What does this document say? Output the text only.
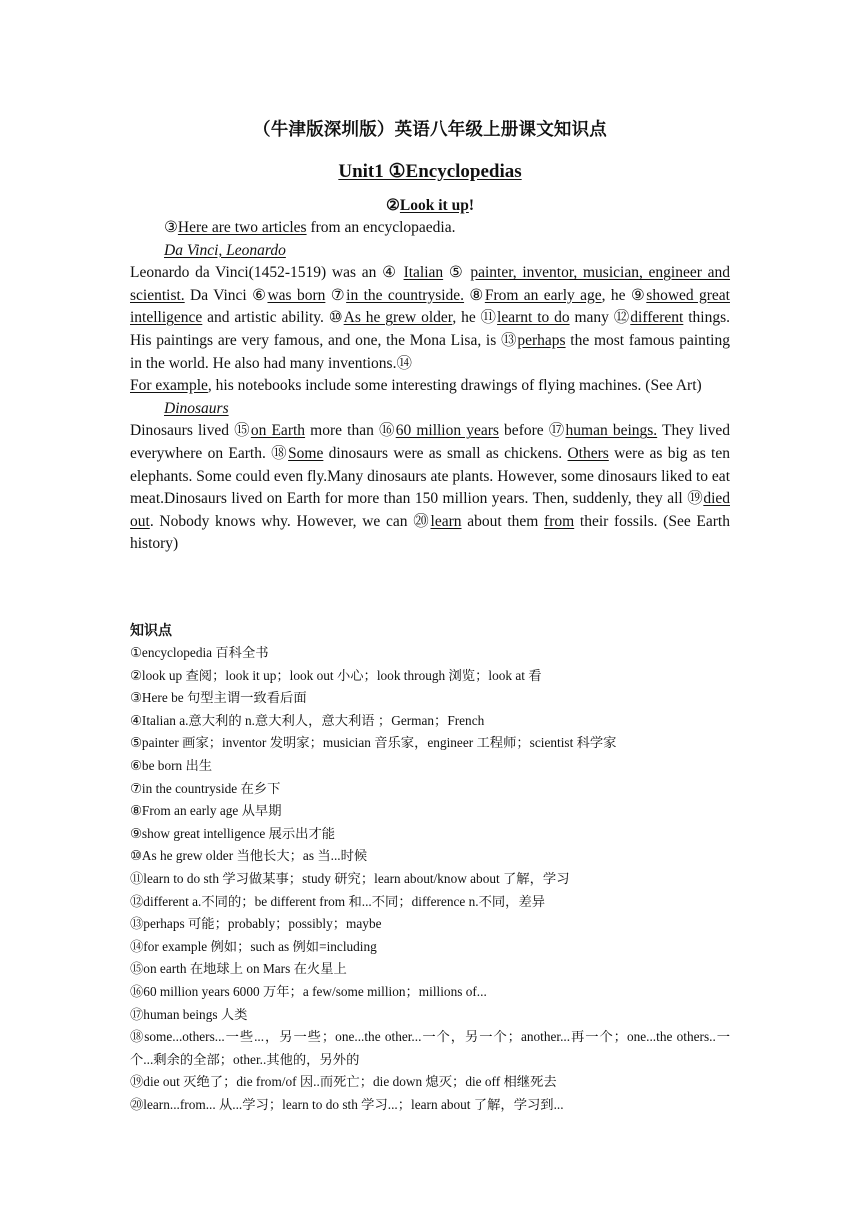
（牛津版深圳版）英语八年级上册课文知识点
Unit1 ①Encyclopedias
②Look it up!

③Here are two articles from an encyclopaedia.

Da Vinci, Leonardo

Leonardo da Vinci(1452-1519) was an ④ Italian ⑤ painter, inventor, musician, engineer and scientist. Da Vinci ⑥was born ⑦in the countryside. ⑧From an early age, he ⑨showed great intelligence and artistic ability. ⑩As he grew older, he ⑪learnt to do many ⑫different things. His paintings are very famous, and one, the Mona Lisa, is ⑬perhaps the most famous painting in the world. He also had many inventions.⑭

For example, his notebooks include some interesting drawings of flying machines. (See Art)

Dinosaurs

Dinosaurs lived ⑮on Earth more than ⑯60 million years before ⑰human beings. They lived everywhere on Earth. ⑱Some dinosaurs were as small as chickens. Others were as big as ten elephants. Some could even fly.Many dinosaurs ate plants. However, some dinosaurs liked to eat meat.Dinosaurs lived on Earth for more than 150 million years. Then, suddenly, they all ⑲died out. Nobody knows why. However, we can ⑳learn about them from their fossils. (See Earth history)

知识点

①encyclopedia 百科全书

②look up 查阅；look it up；look out 小心；look through 浏览；look at 看

③Here be 句型主谓一致看后面

④Italian a.意大利的 n.意大利人，意大利语 ；German；French

⑤painter 画家；inventor 发明家；musician 音乐家，engineer 工程师；scientist 科学家

⑥be born 出生

⑦in the countryside 在乡下

⑧From an early age 从早期

⑨show great intelligence 展示出才能

⑩As he grew older 当他长大；as 当...时候

⑪learn to do sth 学习做某事；study 研究；learn about/know about 了解，学习

⑫different a.不同的；be different from 和...不同；difference n.不同，差异

⑬perhaps 可能；probably；possibly；maybe

⑭for example 例如；such as 例如=including

⑮on earth 在地球上 on Mars 在火星上

⑯60 million years 6000 万年；a few/some million；millions of...

⑰human beings 人类

⑱some...others...一些...，另一些；one...the other...一个，另一个；another...再一个；one...the others..一个...剩余的全部；other..其他的，另外的

⑲die out 灭绝了；die from/of 因..而死亡；die down 熄灭；die off 相继死去

⑳learn...from... 从...学习；learn to do sth 学习...；learn about 了解，学习到...
